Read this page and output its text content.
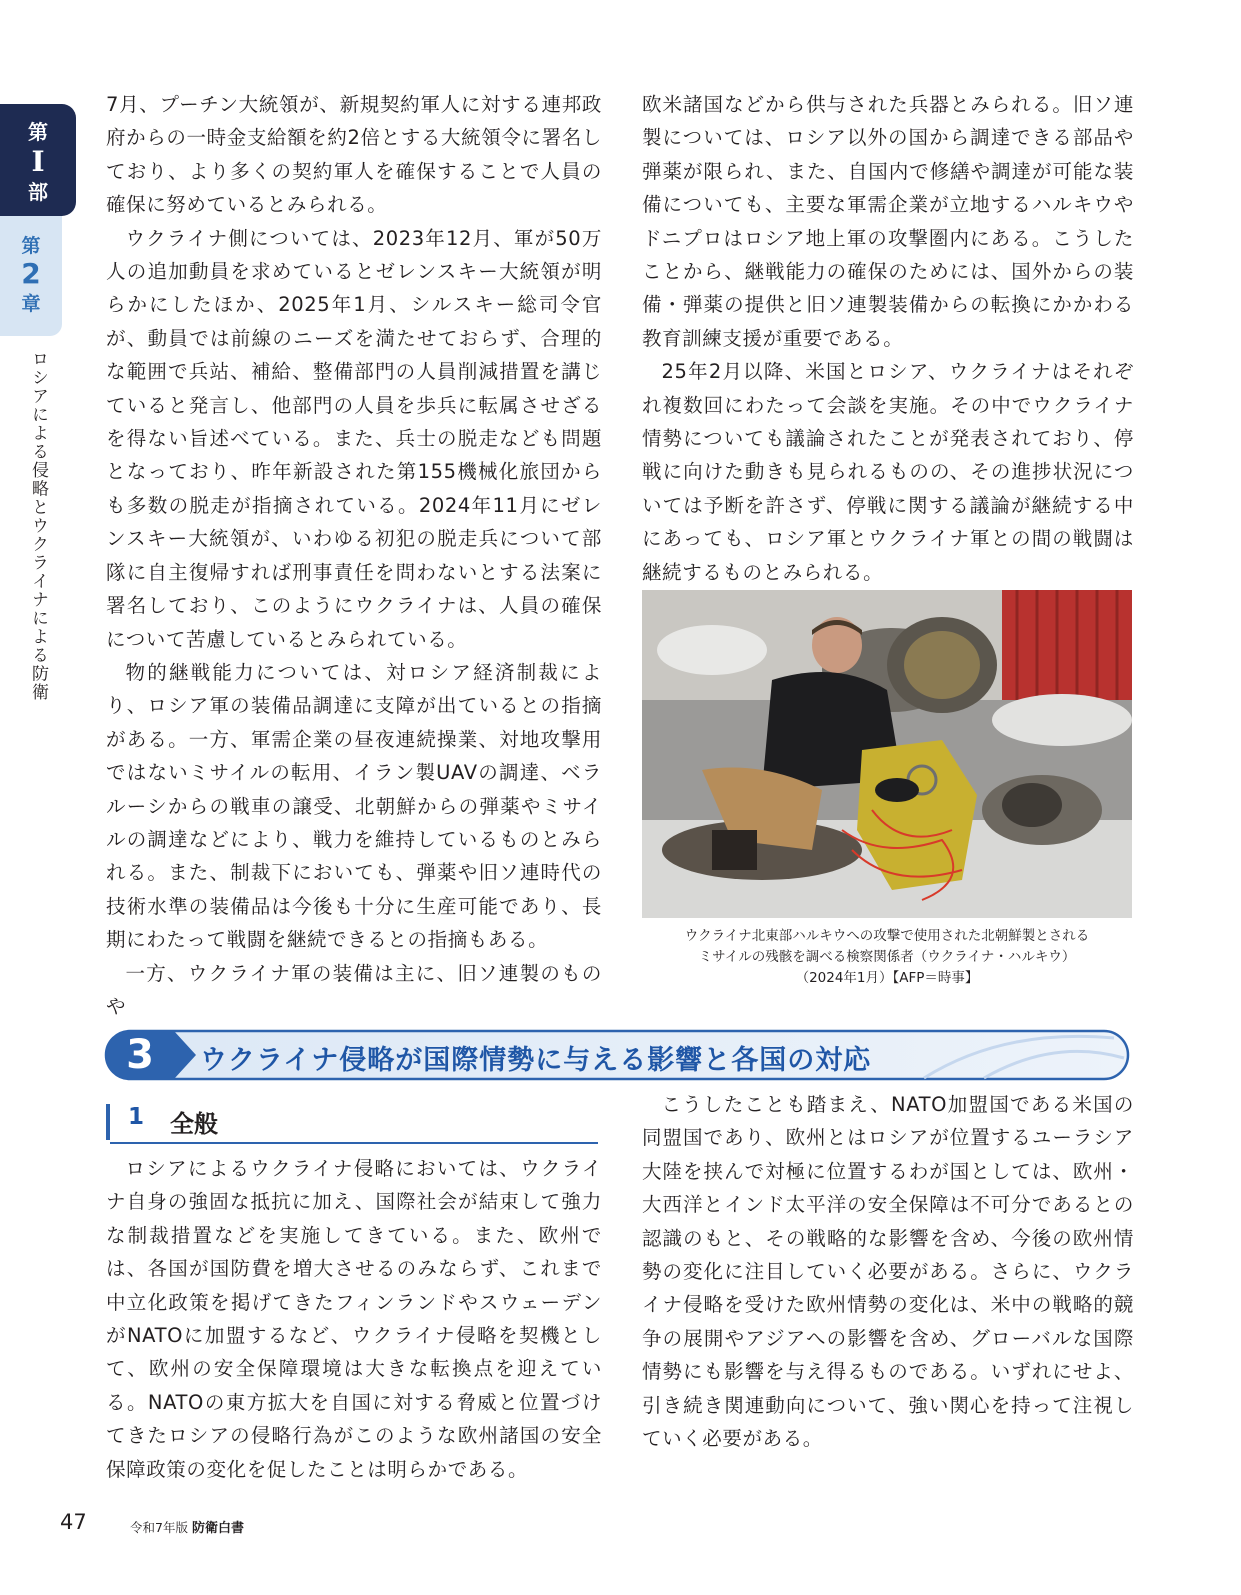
第
I
部
第
2
章
ロシアによる侵略とウクライナによる防衛

7月、プーチン大統領が、新規契約軍人に対する連邦政府からの一時金支給額を約2倍とする大統領令に署名しており、より多くの契約軍人を確保することで人員の確保に努めているとみられる。

ウクライナ側については、2023年12月、軍が50万人の追加動員を求めているとゼレンスキー大統領が明らかにしたほか、2025年1月、シルスキー総司令官が、動員では前線のニーズを満たせておらず、合理的な範囲で兵站、補給、整備部門の人員削減措置を講じていると発言し、他部門の人員を歩兵に転属させざるを得ない旨述べている。また、兵士の脱走なども問題となっており、昨年新設された第155機械化旅団からも多数の脱走が指摘されている。2024年11月にゼレンスキー大統領が、いわゆる初犯の脱走兵について部隊に自主復帰すれば刑事責任を問わないとする法案に署名しており、このようにウクライナは、人員の確保について苦慮しているとみられている。

物的継戦能力については、対ロシア経済制裁により、ロシア軍の装備品調達に支障が出ているとの指摘がある。一方、軍需企業の昼夜連続操業、対地攻撃用ではないミサイルの転用、イラン製UAVの調達、ベラルーシからの戦車の譲受、北朝鮮からの弾薬やミサイルの調達などにより、戦力を維持しているものとみられる。また、制裁下においても、弾薬や旧ソ連時代の技術水準の装備品は今後も十分に生産可能であり、長期にわたって戦闘を継続できるとの指摘もある。

一方、ウクライナ軍の装備は主に、旧ソ連製のものや

欧米諸国などから供与された兵器とみられる。旧ソ連製については、ロシア以外の国から調達できる部品や弾薬が限られ、また、自国内で修繕や調達が可能な装備についても、主要な軍需企業が立地するハルキウやドニプロはロシア地上軍の攻撃圏内にある。こうしたことから、継戦能力の確保のためには、国外からの装備・弾薬の提供と旧ソ連製装備からの転換にかかわる教育訓練支援が重要である。

25年2月以降、米国とロシア、ウクライナはそれぞれ複数回にわたって会談を実施。その中でウクライナ情勢についても議論されたことが発表されており、停戦に向けた動きも見られるものの、その進捗状況については予断を許さず、停戦に関する議論が継続する中にあっても、ロシア軍とウクライナ軍との間の戦闘は継続するものとみられる。

ウクライナ北東部ハルキウへの攻撃で使用された北朝鮮製とされる
ミサイルの残骸を調べる検察関係者（ウクライナ・ハルキウ）
（2024年1月）【AFP＝時事】
3	ウクライナ侵略が国際情勢に与える影響と各国の対応
1 全般

ロシアによるウクライナ侵略においては、ウクライナ自身の強固な抵抗に加え、国際社会が結束して強力な制裁措置などを実施してきている。また、欧州では、各国が国防費を増大させるのみならず、これまで中立化政策を掲げてきたフィンランドやスウェーデンがNATOに加盟するなど、ウクライナ侵略を契機として、欧州の安全保障環境は大きな転換点を迎えている。NATOの東方拡大を自国に対する脅威と位置づけてきたロシアの侵略行為がこのような欧州諸国の安全保障政策の変化を促したことは明らかである。

こうしたことも踏まえ、NATO加盟国である米国の同盟国であり、欧州とはロシアが位置するユーラシア大陸を挟んで対極に位置するわが国としては、欧州・大西洋とインド太平洋の安全保障は不可分であるとの認識のもと、その戦略的な影響を含め、今後の欧州情勢の変化に注目していく必要がある。さらに、ウクライナ侵略を受けた欧州情勢の変化は、米中の戦略的競争の展開やアジアへの影響を含め、グローバルな国際情勢にも影響を与え得るものである。いずれにせよ、引き続き関連動向について、強い関心を持って注視していく必要がある。

47	令和7年版 防衛白書
